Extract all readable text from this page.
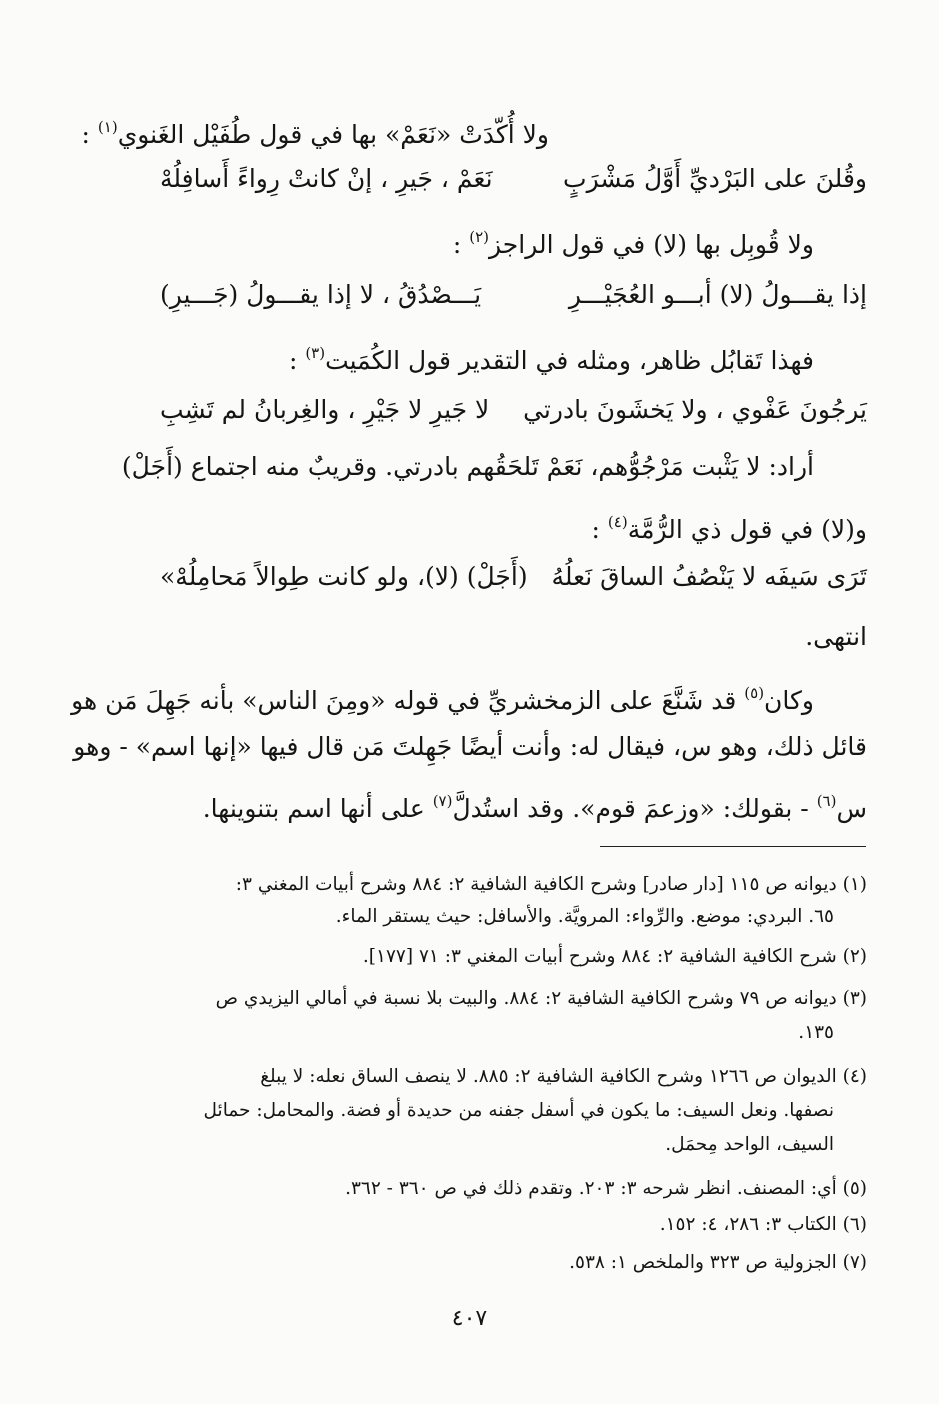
ولا أُكّدَتْ «نَعَمْ» بها في قول طُفَيْل الغَنوي$^{(١)}$ :
وقُلنَ على البَرْديِّ أَوَّلُ مَشْرَبٍ
نَعَمْ ، جَيرِ ، إنْ كانتْ رِواءً أَسافِلُهْ
ولا قُوبِل بها (لا) في قول الراجز$^{(٢)}$ :
إذا يقـــولُ (لا) أبـــو العُجَيْـــرِ
يَـــصْدُقُ ، لا إذا يقـــولُ (جَـــيرِ)
فهذا تَقابُل ظاهر، ومثله في التقدير قول الكُمَيت$^{(٣)}$ :
يَرجُونَ عَفْوي ، ولا يَخشَونَ بادرتي
لا جَيرِ لا جَيْرِ ، والغِربانُ لم تَشِبِ
أراد: لا يَثْبت مَرْجُوُّهم، نَعَمْ تَلحَقُهم بادرتي. وقريبٌ منه اجتماع (أَجَلْ)
و(لا) في قول ذي الرُّمَّة$^{(٤)}$ :
تَرَى سَيفَه لا يَنْصُفُ الساقَ نَعلُهُ
(أَجَلْ) (لا)، ولو كانت طِوالاً مَحامِلُهْ»
انتهى.
وكان$^{(٥)}$ قد شَنَّعَ على الزمخشريِّ في قوله «ومِنَ الناس» بأنه جَهِلَ مَن هو
قائل ذلك، وهو س، فيقال له: وأنت أيضًا جَهِلتَ مَن قال فيها «إنها اسم» - وهو
س$^{(٦)}$ - بقولك: «وزعمَ قوم». وقد استُدلَّ$^{(٧)}$ على أنها اسم بتنوينها.
(١) ديوانه ص ١١٥ [دار صادر] وشرح الكافية الشافية ٢: ٨٨٤ وشرح أبيات المغني ٣:
٦٥. البردي: موضع. والرِّواء: المرويَّة. والأسافل: حيث يستقر الماء.
(٢) شرح الكافية الشافية ٢: ٨٨٤ وشرح أبيات المغني ٣: ٧١ [١٧٧].
(٣) ديوانه ص ٧٩ وشرح الكافية الشافية ٢: ٨٨٤. والبيت بلا نسبة في أمالي اليزيدي ص
١٣٥.
(٤) الديوان ص ١٢٦٦ وشرح الكافية الشافية ٢: ٨٨٥. لا ينصف الساق نعله: لا يبلغ
نصفها. ونعل السيف: ما يكون في أسفل جفنه من حديدة أو فضة. والمحامل: حمائل
السيف، الواحد مِحمَل.
(٥) أي: المصنف. انظر شرحه ٣: ٢٠٣. وتقدم ذلك في ص ٣٦٠ - ٣٦٢.
(٦) الكتاب ٣: ٢٨٦، ٤: ١٥٢.
(٧) الجزولية ص ٣٢٣ والملخص ١: ٥٣٨.
٤٠٧
